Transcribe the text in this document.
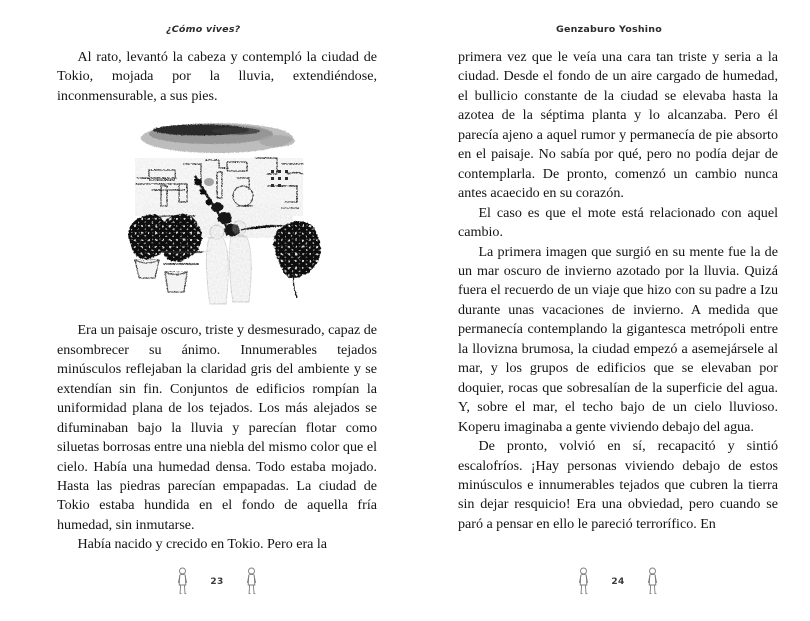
¿Cómo vives?	Genzaburo Yoshino

Al rato, levantó la cabeza y contempló la ciudad de Tokio, mojada por la lluvia, extendiéndose, inconmensurable, a sus pies.

Era un paisaje oscuro, triste y desmesurado, capaz de ensombrecer su ánimo. Innumerables tejados minúsculos reflejaban la claridad gris del ambiente y se extendían sin fin. Conjuntos de edificios rompían la uniformidad plana de los tejados. Los más alejados se difuminaban bajo la lluvia y parecían flotar como siluetas borrosas entre una niebla del mismo color que el cielo. Había una humedad densa. Todo estaba mojado. Hasta las piedras parecían empapadas. La ciudad de Tokio estaba hundida en el fondo de aquella fría humedad, sin inmutarse.

Había nacido y crecido en Tokio. Pero era la

primera vez que le veía una cara tan triste y seria a la ciudad. Desde el fondo de un aire cargado de humedad, el bullicio constante de la ciudad se elevaba hasta la azotea de la séptima planta y lo alcanzaba. Pero él parecía ajeno a aquel rumor y permanecía de pie absorto en el paisaje. No sabía por qué, pero no podía dejar de contemplarla. De pronto, comenzó un cambio nunca antes acaecido en su corazón.

El caso es que el mote está relacionado con aquel cambio.

La primera imagen que surgió en su mente fue la de un mar oscuro de invierno azotado por la lluvia. Quizá fuera el recuerdo de un viaje que hizo con su padre a Izu durante unas vacaciones de invierno. A medida que permanecía contemplando la gigantesca metrópoli entre la llovizna brumosa, la ciudad empezó a asemejársele al mar, y los grupos de edificios que se elevaban por doquier, rocas que sobresalían de la superficie del agua. Y, sobre el mar, el techo bajo de un cielo lluvioso. Koperu imaginaba a gente viviendo debajo del agua.

De pronto, volvió en sí, recapacitó y sintió escalofríos. ¡Hay personas viviendo debajo de estos minúsculos e innumerables tejados que cubren la tierra sin dejar resquicio! Era una obviedad, pero cuando se paró a pensar en ello le pareció terrorífico. En

23	24
